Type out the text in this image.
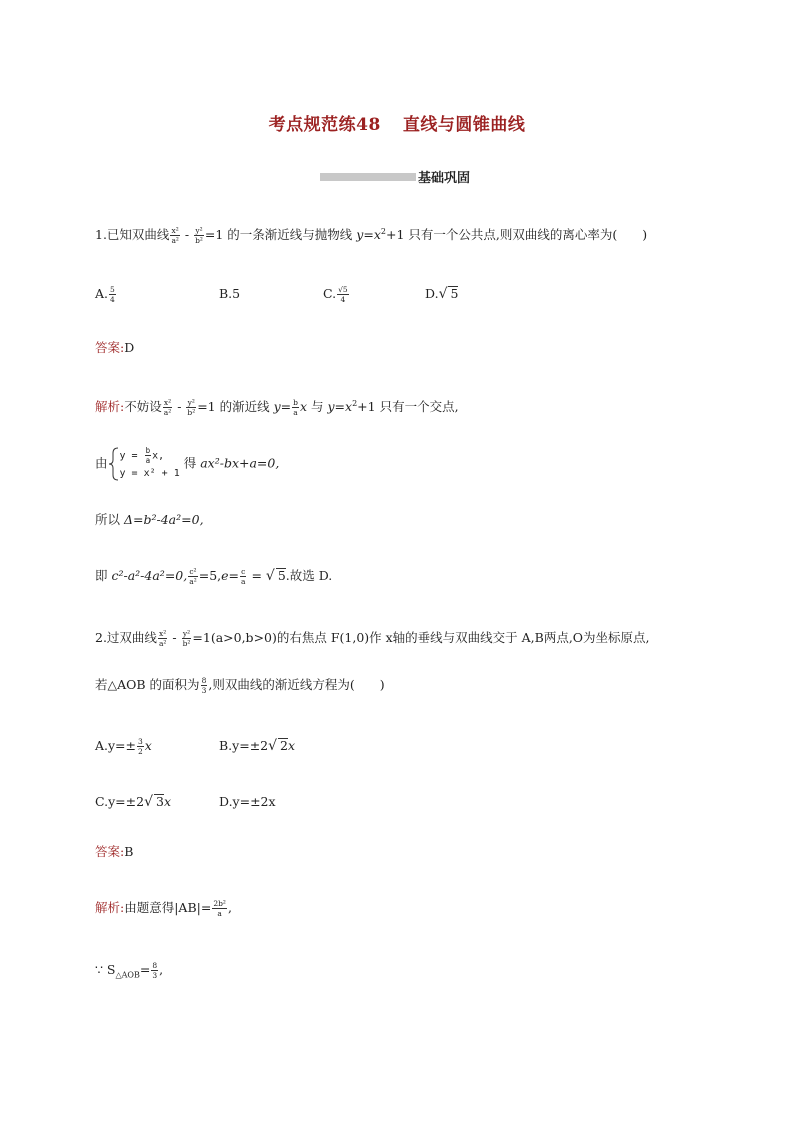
考点规范练48 直线与圆锥曲线
基础巩固
1.已知双曲线 $\frac{\text{x²}}{\text{a²}} - \frac{\text{y²}}{\text{b²}} =1$ 的一条渐近线与抛物线 $y=x^2+1$ 只有一个公共点,则双曲线的离心率为(　　)
A. $\frac{5}{4}$	B.5	C. $\frac{√5}{4}$	D.√ 5
答案:D
解析:不妨设 $\frac{\text{x²}}{\text{a²}} - \frac{\text{y²}}{\text{b²}} =1$ 的渐近线 $y= \frac{b}{a}$ x 与 $y=x^2+1$ 只有一个交点,
由 $y = \frac{b}{a} x$,
y = x² + 1
得 ax²-bx+a=0,
所以 Δ=b²-4a²=0,
即 c²-a²-4a²=0, $\frac{\text{c²}}{\text{a²}} =5,e= \frac{c}{a}$ = √ 5.故选 D.
2.过双曲线 $\frac{\text{x²}}{\text{a²}} - \frac{\text{y²}}{\text{b²}} =1(a>0,b>0)$的右焦点 F(1,0)作 x轴的垂线与双曲线交于 A,B两点,O为坐标原点,
若△AOB 的面积为 $\frac{8}{3}$ ,则双曲线的渐近线方程为(　　)
$A.y=\pm \frac{3}{2}$ x	B.y=±2√ 2x
C.y=±2√ 3x	D.y=±2x
答案:B
解析:由题意得$|AB|= \frac{\text{2b²}}{a}$ ,
∵ $S_{\triangle AOB}= \frac{8}{3}$ ,
